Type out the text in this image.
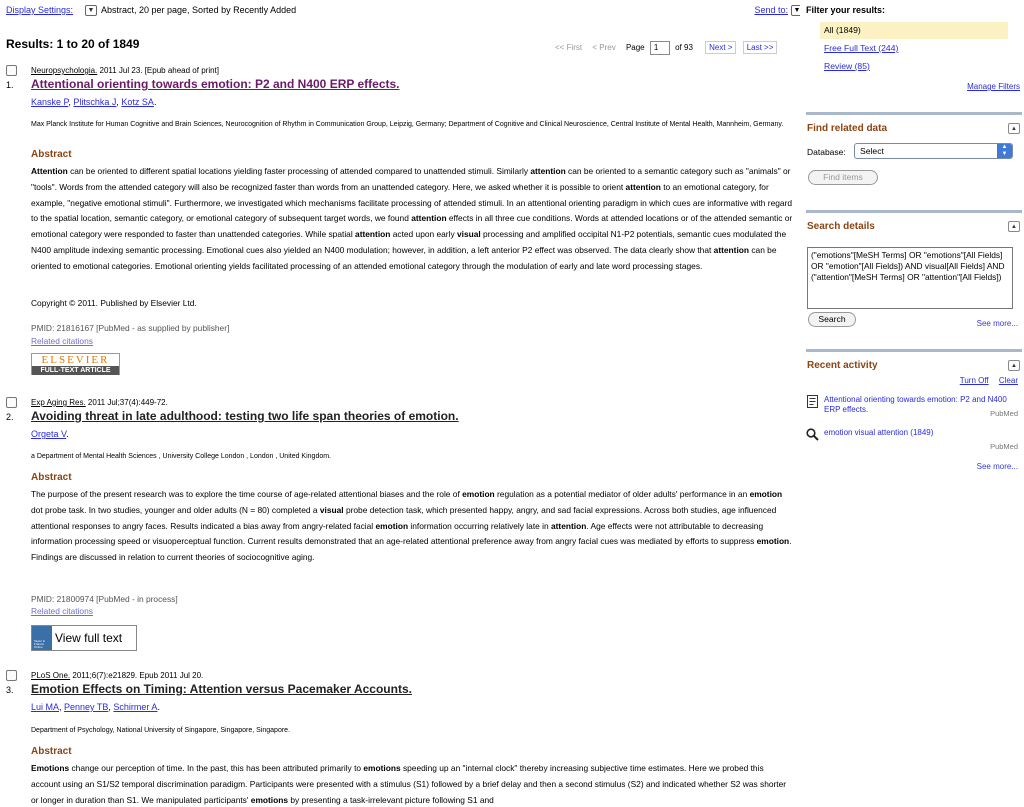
Display Settings:	▼ Abstract, 20 per page, Sorted by Recently Added	Send to: ▼
Results: 1 to 20 of 1849	<< First < Prev Page 1 of 93 Next > Last >>
1.
Neuropsychologia. 2011 Jul 23. [Epub ahead of print]
Attentional orienting towards emotion: P2 and N400 ERP effects.
Kanske P, Plitschka J, Kotz SA.
Max Planck Institute for Human Cognitive and Brain Sciences, Neurocognition of Rhythm in Communication Group, Leipzig, Germany; Department of Cognitive and Clinical Neuroscience, Central Institute of Mental Health, Mannheim, Germany.
Abstract
Attention can be oriented to different spatial locations yielding faster processing of attended compared to unattended stimuli. Similarly attention can be oriented to a semantic category such as "animals" or "tools". Words from the attended category will also be recognized faster than words from an unattended category. Here, we asked whether it is possible to orient attention to an emotional category, for example, "negative emotional stimuli". Furthermore, we investigated which mechanisms facilitate processing of attended stimuli. In an attentional orienting paradigm in which cues are informative with regard to the spatial location, semantic category, or emotional category of subsequent target words, we found attention effects in all three cue conditions. Words at attended locations or of the attended semantic or emotional category were responded to faster than unattended categories. While spatial attention acted upon early visual processing and amplified occipital N1-P2 potentials, semantic cues modulated the N400 amplitude indexing semantic processing. Emotional cues also yielded an N400 modulation; however, in addition, a left anterior P2 effect was observed. The data clearly show that attention can be oriented to emotional categories. Emotional orienting yields facilitated processing of an attended emotional category through the modulation of early and late word processing stages.
Copyright © 2011. Published by Elsevier Ltd.
PMID: 21816167 [PubMed - as supplied by publisher]
Related citations
ELSEVIER
FULL-TEXT ARTICLE
2.
Exp Aging Res. 2011 Jul;37(4):449-72.
Avoiding threat in late adulthood: testing two life span theories of emotion.
Orgeta V.
a Department of Mental Health Sciences , University College London , London , United Kingdom.
Abstract
The purpose of the present research was to explore the time course of age-related attentional biases and the role of emotion regulation as a potential mediator of older adults' performance in an emotion dot probe task. In two studies, younger and older adults (N = 80) completed a visual probe detection task, which presented happy, angry, and sad facial expressions. Across both studies, age influenced attentional responses to angry faces. Results indicated a bias away from angry-related facial emotion information occurring relatively late in attention. Age effects were not attributable to decreasing information processing speed or visuoperceptual function. Current results demonstrated that an age-related attentional preference away from angry facial cues was mediated by efforts to suppress emotion. Findings are discussed in relation to current theories of sociocognitive aging.
PMID: 21800974 [PubMed - in process]
Related citations
Taylor & Francis Online
View full text
3.
PLoS One. 2011;6(7):e21829. Epub 2011 Jul 20.
Emotion Effects on Timing: Attention versus Pacemaker Accounts.
Lui MA, Penney TB, Schirmer A.
Department of Psychology, National University of Singapore, Singapore, Singapore.
Abstract
Emotions change our perception of time. In the past, this has been attributed primarily to emotions speeding up an "internal clock" thereby increasing subjective time estimates. Here we probed this account using an S1/S2 temporal discrimination paradigm. Participants were presented with a stimulus (S1) followed by a brief delay and then a second stimulus (S2) and indicated whether S2 was shorter or longer in duration than S1. We manipulated participants' emotions by presenting a task-irrelevant picture following S1 and
Filter your results:
All (1849)
Free Full Text (244)
Review (85)
Manage Filters
Find related data	▲
Database:	Select	▲
▼
Find items
Search details	▲
("emotions"[MeSH Terms] OR "emotions"[All Fields] OR "emotion"[All Fields]) AND visual[All Fields] AND ("attention"[MeSH Terms] OR "attention"[All Fields])
Search	See more...
Recent activity	▲
Turn Off Clear
Attentional orienting towards emotion: P2 and N400 ERP effects.	PubMed
emotion visual attention (1849)
PubMed
See more...
